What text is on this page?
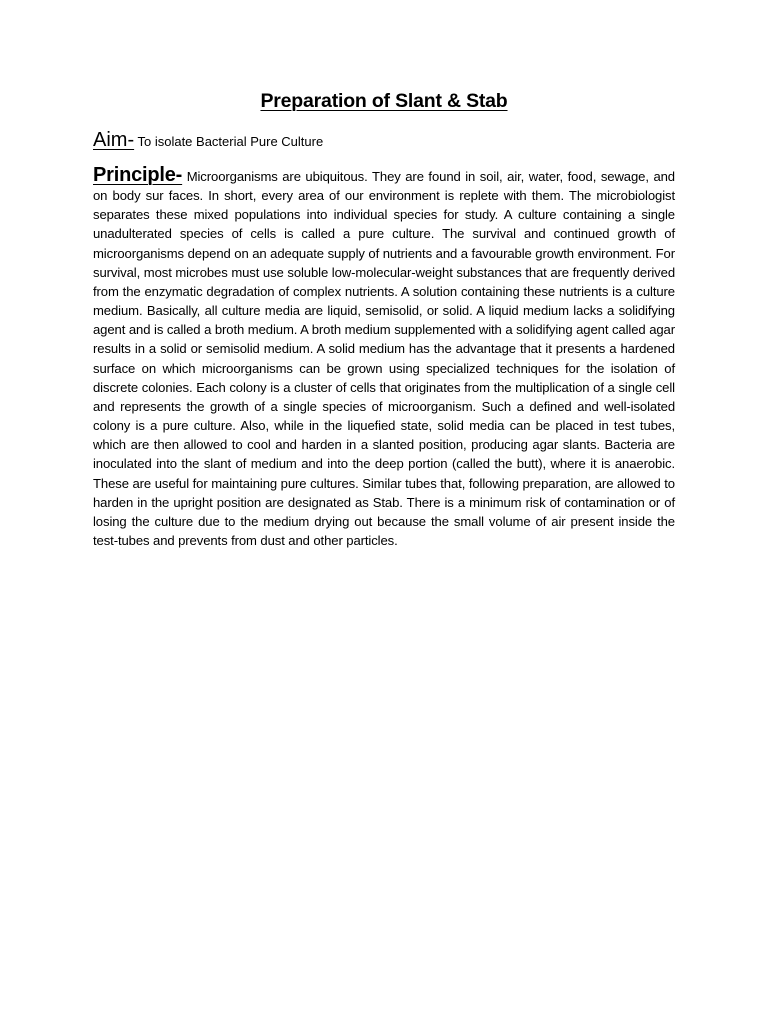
Preparation of Slant & Stab
Aim- To isolate Bacterial Pure Culture
Principle- Microorganisms are ubiquitous. They are found in soil, air, water, food, sewage, and on body sur faces. In short, every area of our environment is replete with them. The microbiologist separates these mixed populations into individual species for study. A culture containing a single unadulterated species of cells is called a pure culture. The survival and continued growth of microorganisms depend on an adequate supply of nutrients and a favourable growth environment. For survival, most microbes must use soluble low-molecular-weight substances that are frequently derived from the enzymatic degradation of complex nutrients. A solution containing these nutrients is a culture medium. Basically, all culture media are liquid, semisolid, or solid. A liquid medium lacks a solidifying agent and is called a broth medium. A broth medium supplemented with a solidifying agent called agar results in a solid or semisolid medium. A solid medium has the advantage that it presents a hardened surface on which microorganisms can be grown using specialized techniques for the isolation of discrete colonies. Each colony is a cluster of cells that originates from the multiplication of a single cell and represents the growth of a single species of microorganism. Such a defined and well-isolated colony is a pure culture. Also, while in the liquefied state, solid media can be placed in test tubes, which are then allowed to cool and harden in a slanted position, producing agar slants. Bacteria are inoculated into the slant of medium and into the deep portion (called the butt), where it is anaerobic. These are useful for maintaining pure cultures. Similar tubes that, following preparation, are allowed to harden in the upright position are designated as Stab. There is a minimum risk of contamination or of losing the culture due to the medium drying out because the small volume of air present inside the test-tubes and prevents from dust and other particles.
